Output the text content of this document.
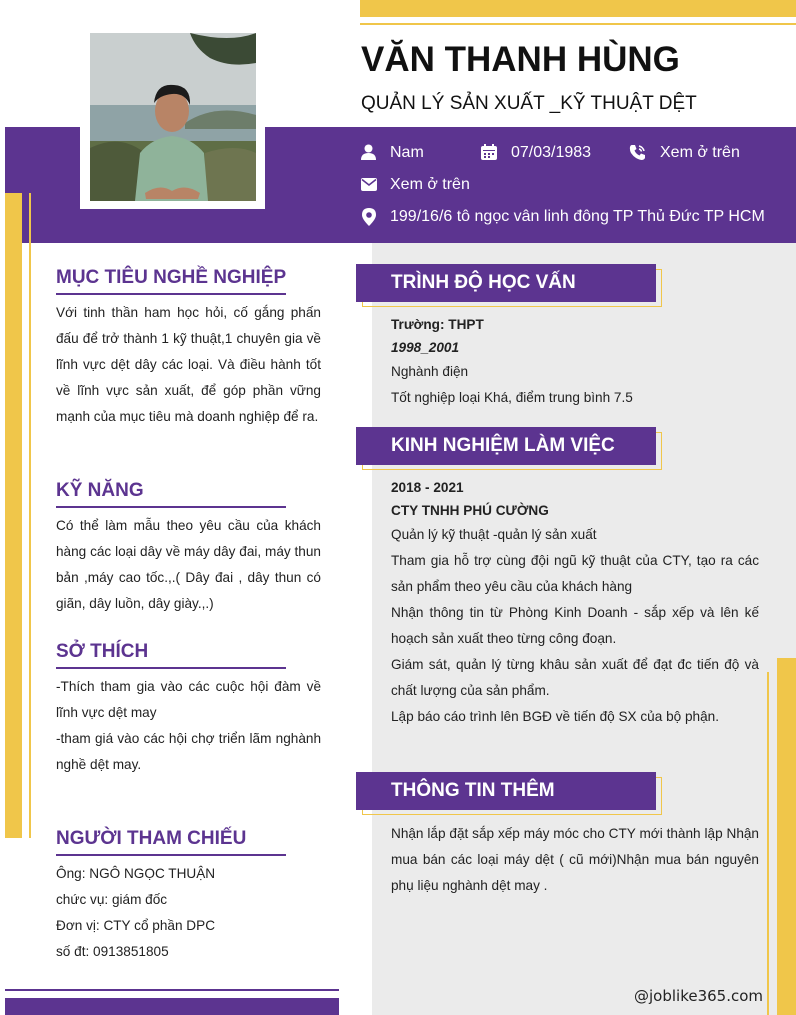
VĂN THANH HÙNG
QUẢN LÝ SẢN XUẤT _KỸ THUẬT DỆT
Nam	07/03/1983	Xem ở trên
Xem ở trên
199/16/6 tô ngọc vân linh đông TP Thủ Đức TP HCM
MỤC TIÊU NGHỀ NGHIỆP
Với tinh thần ham học hỏi, cố gắng phấn đấu để trở thành 1 kỹ thuật,1 chuyên gia về lĩnh vực dệt dây các loại. Và điều hành tốt về lĩnh vực sản xuất, để góp phần vững mạnh của mục tiêu mà doanh nghiệp để ra.
KỸ NĂNG
Có thể làm mẫu theo yêu cầu của khách hàng các loại dây về máy dây đai, máy thun bản ,máy cao tốc.,.( Dây đai , dây thun có giãn, dây luồn, dây giày.,.)
SỞ THÍCH

-Thích tham gia vào các cuộc hội đàm về lĩnh vực dệt may

-tham giá vào các hội chợ triển lãm nghành nghề dệt may.

NGƯỜI THAM CHIẾU

Ông: NGÔ NGỌC THUẬN

chức vụ: giám đốc

Đơn vị: CTY cổ phần DPC

số đt: 0913851805

TRÌNH ĐỘ HỌC VẤN
Trường: THPT
1998_2001
Nghành điện
Tốt nghiệp loại Khá, điểm trung bình 7.5
KINH NGHIỆM LÀM VIỆC
2018 - 2021
CTY TNHH PHÚ CƯỜNG
Quản lý kỹ thuật -quản lý sản xuất
Tham gia hỗ trợ cùng đội ngũ kỹ thuật của CTY, tạo ra các sản phẩm theo yêu cầu của khách hàng
Nhận thông tin từ Phòng Kinh Doanh - sắp xếp và lên kế hoạch sản xuất theo từng công đoạn.
Giám sát, quản lý từng khâu sản xuất để đạt đc tiến độ và chất lượng của sản phẩm.
Lập báo cáo trình lên BGĐ về tiến độ SX của bộ phận.
THÔNG TIN THÊM
Nhận lắp đặt sắp xếp máy móc cho CTY mới thành lập Nhận mua bán các loại máy dệt ( cũ mới)Nhận mua bán nguyên phụ liệu nghành dệt may .
@joblike365.com
